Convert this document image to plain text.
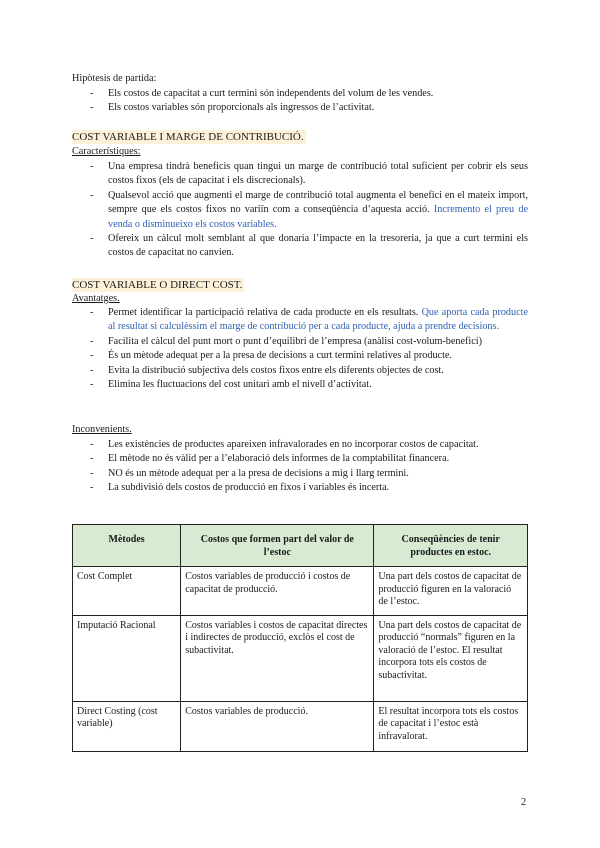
Hipòtesis de partida:
- Els costos de capacitat a curt termini són independents del volum de les vendes.
- Els costos variables són proporcionals als ingressos de l’activitat.
COST VARIABLE I MARGE DE CONTRIBUCIÓ.
Característiques:
- Una empresa tindrà beneficis quan tingui un marge de contribució total suficient per cobrir els seus costos fixos (els de capacitat i els discrecionals).
- Qualsevol acció que augmenti el marge de contribució total augmenta el benefici en el mateix import, sempre que els costos fixos no variïn com a conseqüència d’aquesta acció. Incremento el preu de venda o disminueixo els costos variables.
- Ofereix un càlcul molt semblant al que donaria l’impacte en la tresoreria, ja que a curt termini els costos de capacitat no canvien.
COST VARIABLE O DIRECT COST.
Avantatges.
- Permet identificar la participació relativa de cada producte en els resultats. Que aporta cada producte al resultat si calculèssim el marge de contribució per a cada producte, ajuda a prendre decisions.
- Facilita el càlcul del punt mort o punt d’equilibri de l’empresa (anàlisi cost-volum-benefici)
- És un mètode adequat per a la presa de decisions a curt termini relatives al producte.
- Evita la distribució subjectiva dels costos fixos entre els diferents objectes de cost.
- Elimina les fluctuacions del cost unitari amb el nivell d’activitat.
Inconvenients.
- Les existències de productes apareixen infravalorades en no incorporar costos de capacitat.
- El mètode no és vàlid per a l’elaboració dels informes de la comptabilitat financera.
- NO és un mètode adequat per a la presa de decisions a mig i llarg termini.
- La subdivisió dels costos de producció en fixos i variables és incerta.
Mètodes	Costos que formen part del valor de l’estoc	Conseqüències de tenir productes en estoc.
Cost Complet	Costos variables de producció i costos de capacitat de producció.	Una part dels costos de capacitat de producció figuren en la valoració de l’estoc.
Imputació Racional	Costos variables i costos de capacitat directes i indirectes de producció, exclòs el cost de subactivitat.	Una part dels costos de capacitat de producció “normals” figuren en la valoració de l’estoc. El resultat incorpora tots els costos de subactivitat.
Direct Costing (cost variable)	Costos variables de producció.	El resultat incorpora tots els costos de capacitat i l’estoc està infravalorat.
2
